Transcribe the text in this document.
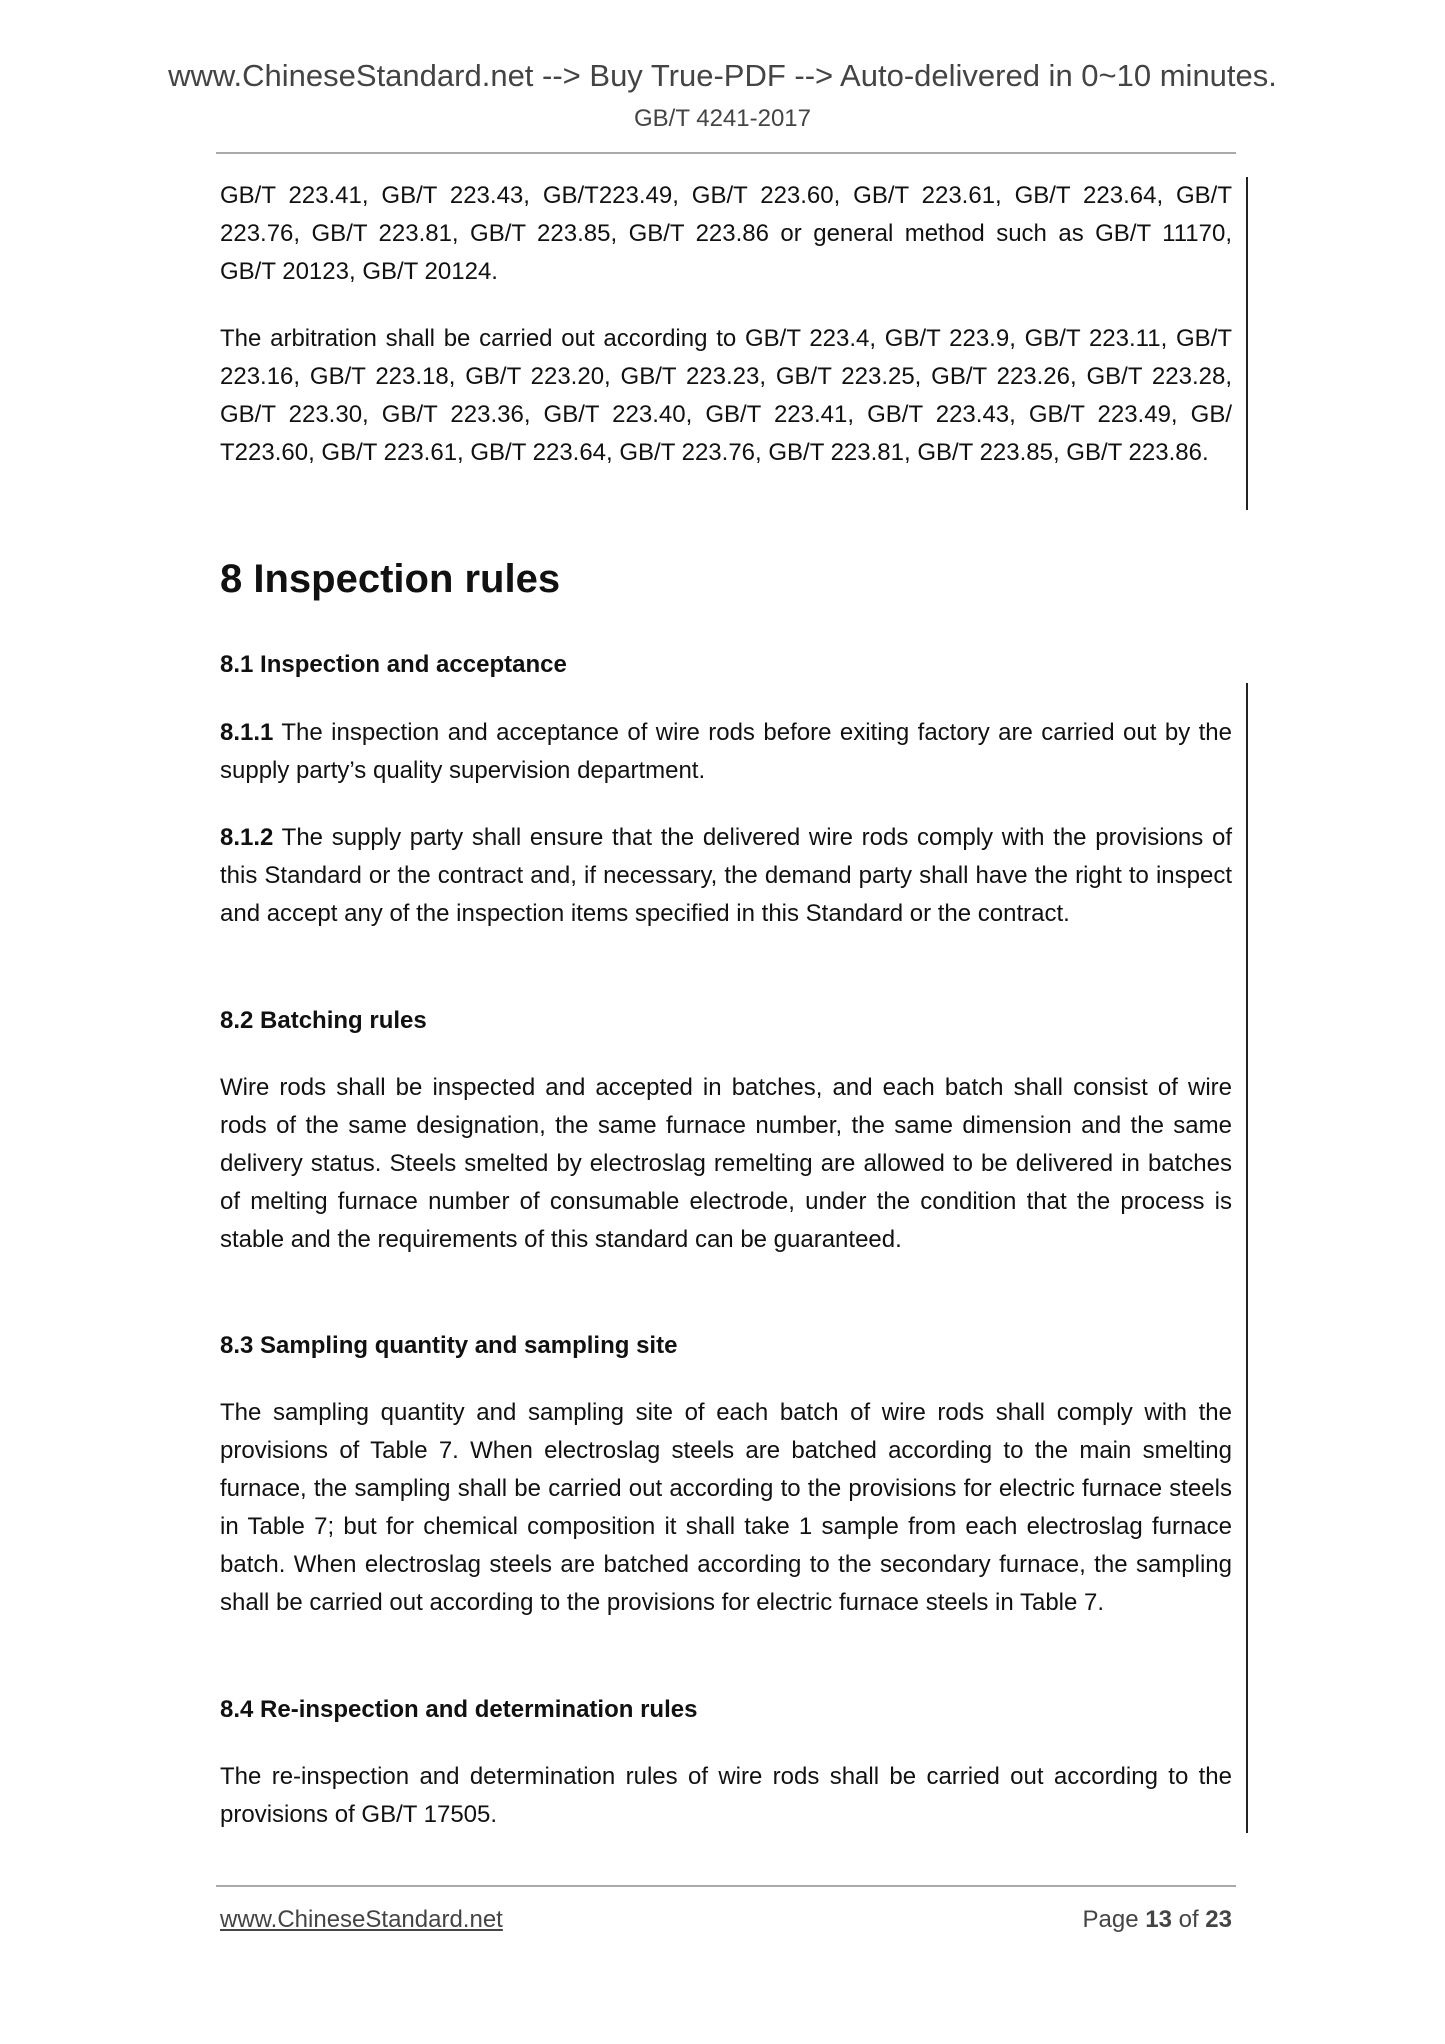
www.ChineseStandard.net --> Buy True-PDF --> Auto-delivered in 0~10 minutes.
GB/T 4241-2017
GB/T 223.41, GB/T 223.43, GB/T223.49, GB/T 223.60, GB/T 223.61, GB/T 223.64, GB/T 223.76, GB/T 223.81, GB/T 223.85, GB/T 223.86 or general method such as GB/T 11170, GB/T 20123, GB/T 20124.
The arbitration shall be carried out according to GB/T 223.4, GB/T 223.9, GB/T 223.11, GB/T 223.16, GB/T 223.18, GB/T 223.20, GB/T 223.23, GB/T 223.25, GB/T 223.26, GB/T 223.28, GB/T 223.30, GB/T 223.36, GB/T 223.40, GB/T 223.41, GB/T 223.43, GB/T 223.49, GB/ T223.60, GB/T 223.61, GB/T 223.64, GB/T 223.76, GB/T 223.81, GB/T 223.85, GB/T 223.86.
8 Inspection rules
8.1 Inspection and acceptance
8.1.1 The inspection and acceptance of wire rods before exiting factory are carried out by the supply party’s quality supervision department.
8.1.2 The supply party shall ensure that the delivered wire rods comply with the provisions of this Standard or the contract and, if necessary, the demand party shall have the right to inspect and accept any of the inspection items specified in this Standard or the contract.
8.2 Batching rules
Wire rods shall be inspected and accepted in batches, and each batch shall consist of wire rods of the same designation, the same furnace number, the same dimension and the same delivery status. Steels smelted by electroslag remelting are allowed to be delivered in batches of melting furnace number of consumable electrode, under the condition that the process is stable and the requirements of this standard can be guaranteed.
8.3 Sampling quantity and sampling site
The sampling quantity and sampling site of each batch of wire rods shall comply with the provisions of Table 7. When electroslag steels are batched according to the main smelting furnace, the sampling shall be carried out according to the provisions for electric furnace steels in Table 7; but for chemical composition it shall take 1 sample from each electroslag furnace batch. When electroslag steels are batched according to the secondary furnace, the sampling shall be carried out according to the provisions for electric furnace steels in Table 7.
8.4 Re-inspection and determination rules
The re-inspection and determination rules of wire rods shall be carried out according to the provisions of GB/T 17505.
www.ChineseStandard.net	Page 13 of 23
